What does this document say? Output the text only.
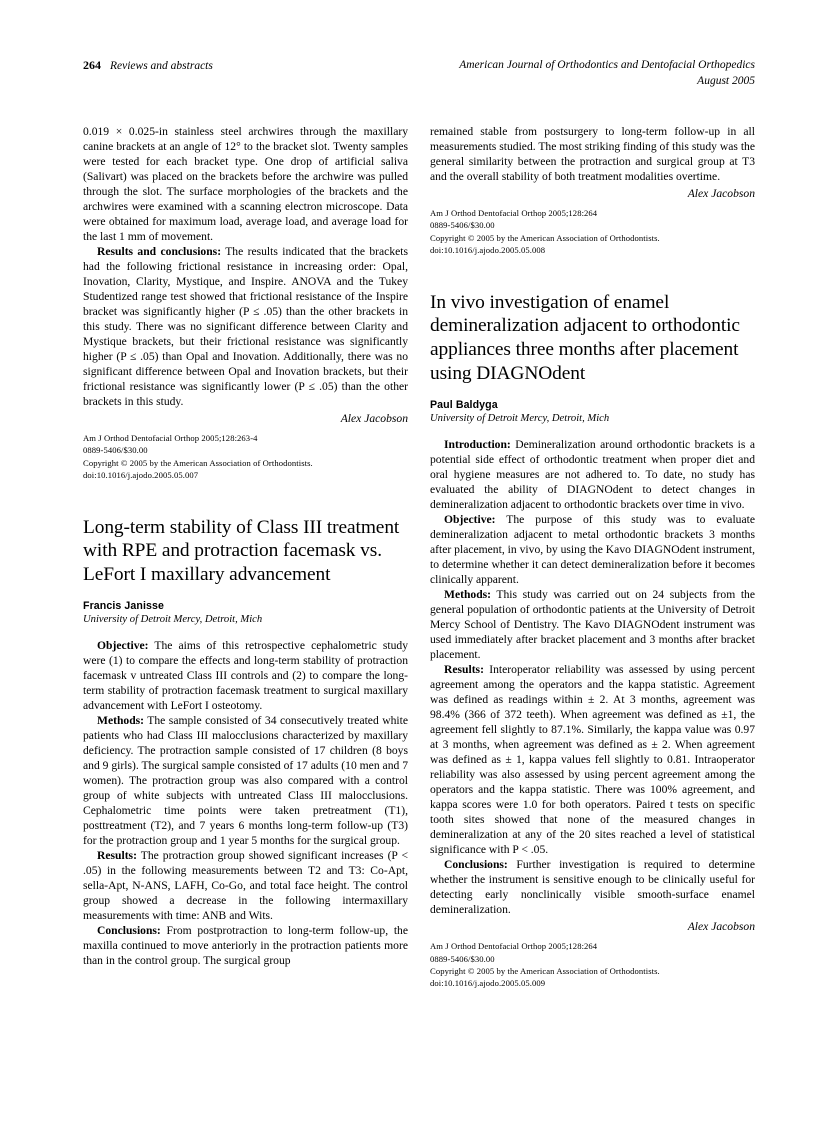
264 Reviews and abstracts	American Journal of Orthodontics and Dentofacial Orthopedics
August 2005

0.019 × 0.025-in stainless steel archwires through the maxillary canine brackets at an angle of 12° to the bracket slot. Twenty samples were tested for each bracket type. One drop of artificial saliva (Salivart) was placed on the brackets before the archwire was pulled through the slot. The surface morphologies of the brackets and the archwires were examined with a scanning electron microscope. Data were obtained for maximum load, average load, and average load for the last 1 mm of movement.

Results and conclusions: The results indicated that the brackets had the following frictional resistance in increasing order: Opal, Inovation, Clarity, Mystique, and Inspire. ANOVA and the Tukey Studentized range test showed that frictional resistance of the Inspire bracket was significantly higher (P ≤ .05) than the other brackets in this study. There was no significant difference between Clarity and Mystique brackets, but their frictional resistance was significantly higher (P ≤ .05) than Opal and Inovation. Additionally, there was no significant difference between Opal and Inovation brackets, but their frictional resistance was significantly lower (P ≤ .05) than the other brackets in this study.

Alex Jacobson

Am J Orthod Dentofacial Orthop 2005;128:263-4
0889-5406/$30.00
Copyright © 2005 by the American Association of Orthodontists.
doi:10.1016/j.ajodo.2005.05.007
Long-term stability of Class III treatment with RPE and protraction facemask vs. LeFort I maxillary advancement

Francis Janisse

University of Detroit Mercy, Detroit, Mich

Objective: The aims of this retrospective cephalometric study were (1) to compare the effects and long-term stability of protraction facemask v untreated Class III controls and (2) to compare the long-term stability of protraction facemask treatment to surgical maxillary advancement with LeFort I osteotomy.

Methods: The sample consisted of 34 consecutively treated white patients who had Class III malocclusions characterized by maxillary deficiency. The protraction sample consisted of 17 children (8 boys and 9 girls). The surgical sample consisted of 17 adults (10 men and 7 women). The protraction group was also compared with a control group of white subjects with untreated Class III malocclusions. Cephalometric time points were taken pretreatment (T1), posttreatment (T2), and 7 years 6 months long-term follow-up (T3) for the protraction group and 1 year 5 months for the surgical group.

Results: The protraction group showed significant increases (P < .05) in the following measurements between T2 and T3: Co-Apt, sella-Apt, N-ANS, LAFH, Co-Go, and total face height. The control group showed a decrease in the following intermaxillary measurements with time: ANB and Wits.

Conclusions: From postprotraction to long-term follow-up, the maxilla continued to move anteriorly in the protraction patients more than in the control group. The surgical group

remained stable from postsurgery to long-term follow-up in all measurements studied. The most striking finding of this study was the general similarity between the protraction and surgical group at T3 and the overall stability of both treatment modalities overtime.

Alex Jacobson

Am J Orthod Dentofacial Orthop 2005;128:264
0889-5406/$30.00
Copyright © 2005 by the American Association of Orthodontists.
doi:10.1016/j.ajodo.2005.05.008
In vivo investigation of enamel demineralization adjacent to orthodontic appliances three months after placement using DIAGNOdent

Paul Baldyga

University of Detroit Mercy, Detroit, Mich

Introduction: Demineralization around orthodontic brackets is a potential side effect of orthodontic treatment when proper diet and oral hygiene measures are not adhered to. To date, no study has evaluated the ability of DIAGNOdent to detect changes in demineralization adjacent to orthodontic brackets over time in vivo.

Objective: The purpose of this study was to evaluate demineralization adjacent to metal orthodontic brackets 3 months after placement, in vivo, by using the Kavo DIAGNOdent instrument, to determine whether it can detect demineralization before it becomes clinically apparent.

Methods: This study was carried out on 24 subjects from the general population of orthodontic patients at the University of Detroit Mercy School of Dentistry. The Kavo DIAGNOdent instrument was used immediately after bracket placement and 3 months after bracket placement.

Results: Interoperator reliability was assessed by using percent agreement among the operators and the kappa statistic. Agreement was defined as readings within ± 2. At 3 months, agreement was 98.4% (366 of 372 teeth). When agreement was defined as ±1, the agreement fell slightly to 87.1%. Similarly, the kappa value was 0.97 at 3 months, when agreement was defined as ± 2. When agreement was defined as ± 1, kappa values fell slightly to 0.81. Intraoperator reliability was also assessed by using percent agreement among the operators and the kappa statistic. There was 100% agreement, and kappa scores were 1.0 for both operators. Paired t tests on specific tooth sites showed that none of the measured changes in demineralization at any of the 20 sites reached a level of statistical significance with P < .05.

Conclusions: Further investigation is required to determine whether the instrument is sensitive enough to be clinically useful for detecting early nonclinically visible smooth-surface enamel demineralization.

Alex Jacobson

Am J Orthod Dentofacial Orthop 2005;128:264
0889-5406/$30.00
Copyright © 2005 by the American Association of Orthodontists.
doi:10.1016/j.ajodo.2005.05.009
